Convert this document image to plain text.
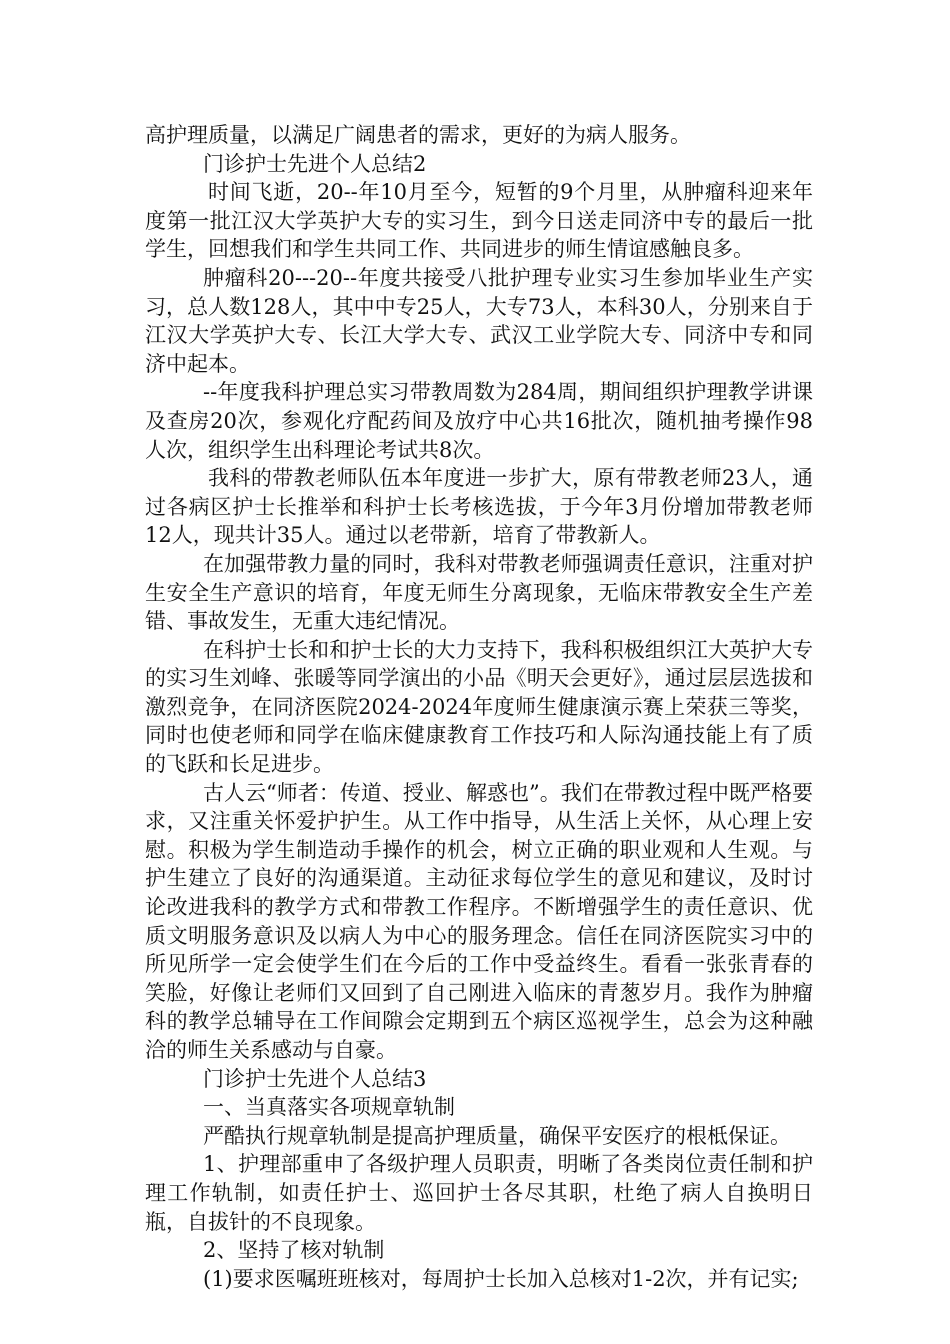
高护理质量，以满足广阔患者的需求，更好的为病人服务。

门诊护士先进个人总结2

时间飞逝，20--年10月至今，短暂的9个月里，从肿瘤科迎来年度第一批江汉大学英护大专的实习生，到今日送走同济中专的最后一批学生，回想我们和学生共同工作、共同进步的师生情谊感触良多。

肿瘤科20---20--年度共接受八批护理专业实习生参加毕业生产实习，总人数128人，其中中专25人，大专73人，本科30人，分别来自于江汉大学英护大专、长江大学大专、武汉工业学院大专、同济中专和同济中起本。

--年度我科护理总实习带教周数为284周，期间组织护理教学讲课及查房20次，参观化疗配药间及放疗中心共16批次，随机抽考操作98人次，组织学生出科理论考试共8次。

我科的带教老师队伍本年度进一步扩大，原有带教老师23人，通过各病区护士长推举和科护士长考核选拔，于今年3月份增加带教老师12人，现共计35人。通过以老带新，培育了带教新人。

在加强带教力量的同时，我科对带教老师强调责任意识，注重对护生安全生产意识的培育，年度无师生分离现象，无临床带教安全生产差错、事故发生，无重大违纪情况。

在科护士长和和护士长的大力支持下，我科积极组织江大英护大专的实习生刘峰、张暖等同学演出的小品《明天会更好》，通过层层选拔和激烈竞争，在同济医院2024-2024年度师生健康演示赛上荣获三等奖，同时也使老师和同学在临床健康教育工作技巧和人际沟通技能上有了质的飞跃和长足进步。

古人云“师者：传道、授业、解惑也”。我们在带教过程中既严格要求，又注重关怀爱护护生。从工作中指导，从生活上关怀，从心理上安慰。积极为学生制造动手操作的机会，树立正确的职业观和人生观。与护生建立了良好的沟通渠道。主动征求每位学生的意见和建议，及时讨论改进我科的教学方式和带教工作程序。不断增强学生的责任意识、优质文明服务意识及以病人为中心的服务理念。信任在同济医院实习中的所见所学一定会使学生们在今后的工作中受益终生。看看一张张青春的笑脸，好像让老师们又回到了自己刚进入临床的青葱岁月。我作为肿瘤科的教学总辅导在工作间隙会定期到五个病区巡视学生，总会为这种融洽的师生关系感动与自豪。

门诊护士先进个人总结3

一、当真落实各项规章轨制

严酷执行规章轨制是提高护理质量，确保平安医疗的根柢保证。

1、护理部重申了各级护理人员职责，明晰了各类岗位责任制和护理工作轨制，如责任护士、巡回护士各尽其职，杜绝了病人自换明日瓶，自拔针的不良现象。

2、坚持了核对轨制

(1)要求医嘱班班核对，每周护士长加入总核对1-2次，并有记实;
